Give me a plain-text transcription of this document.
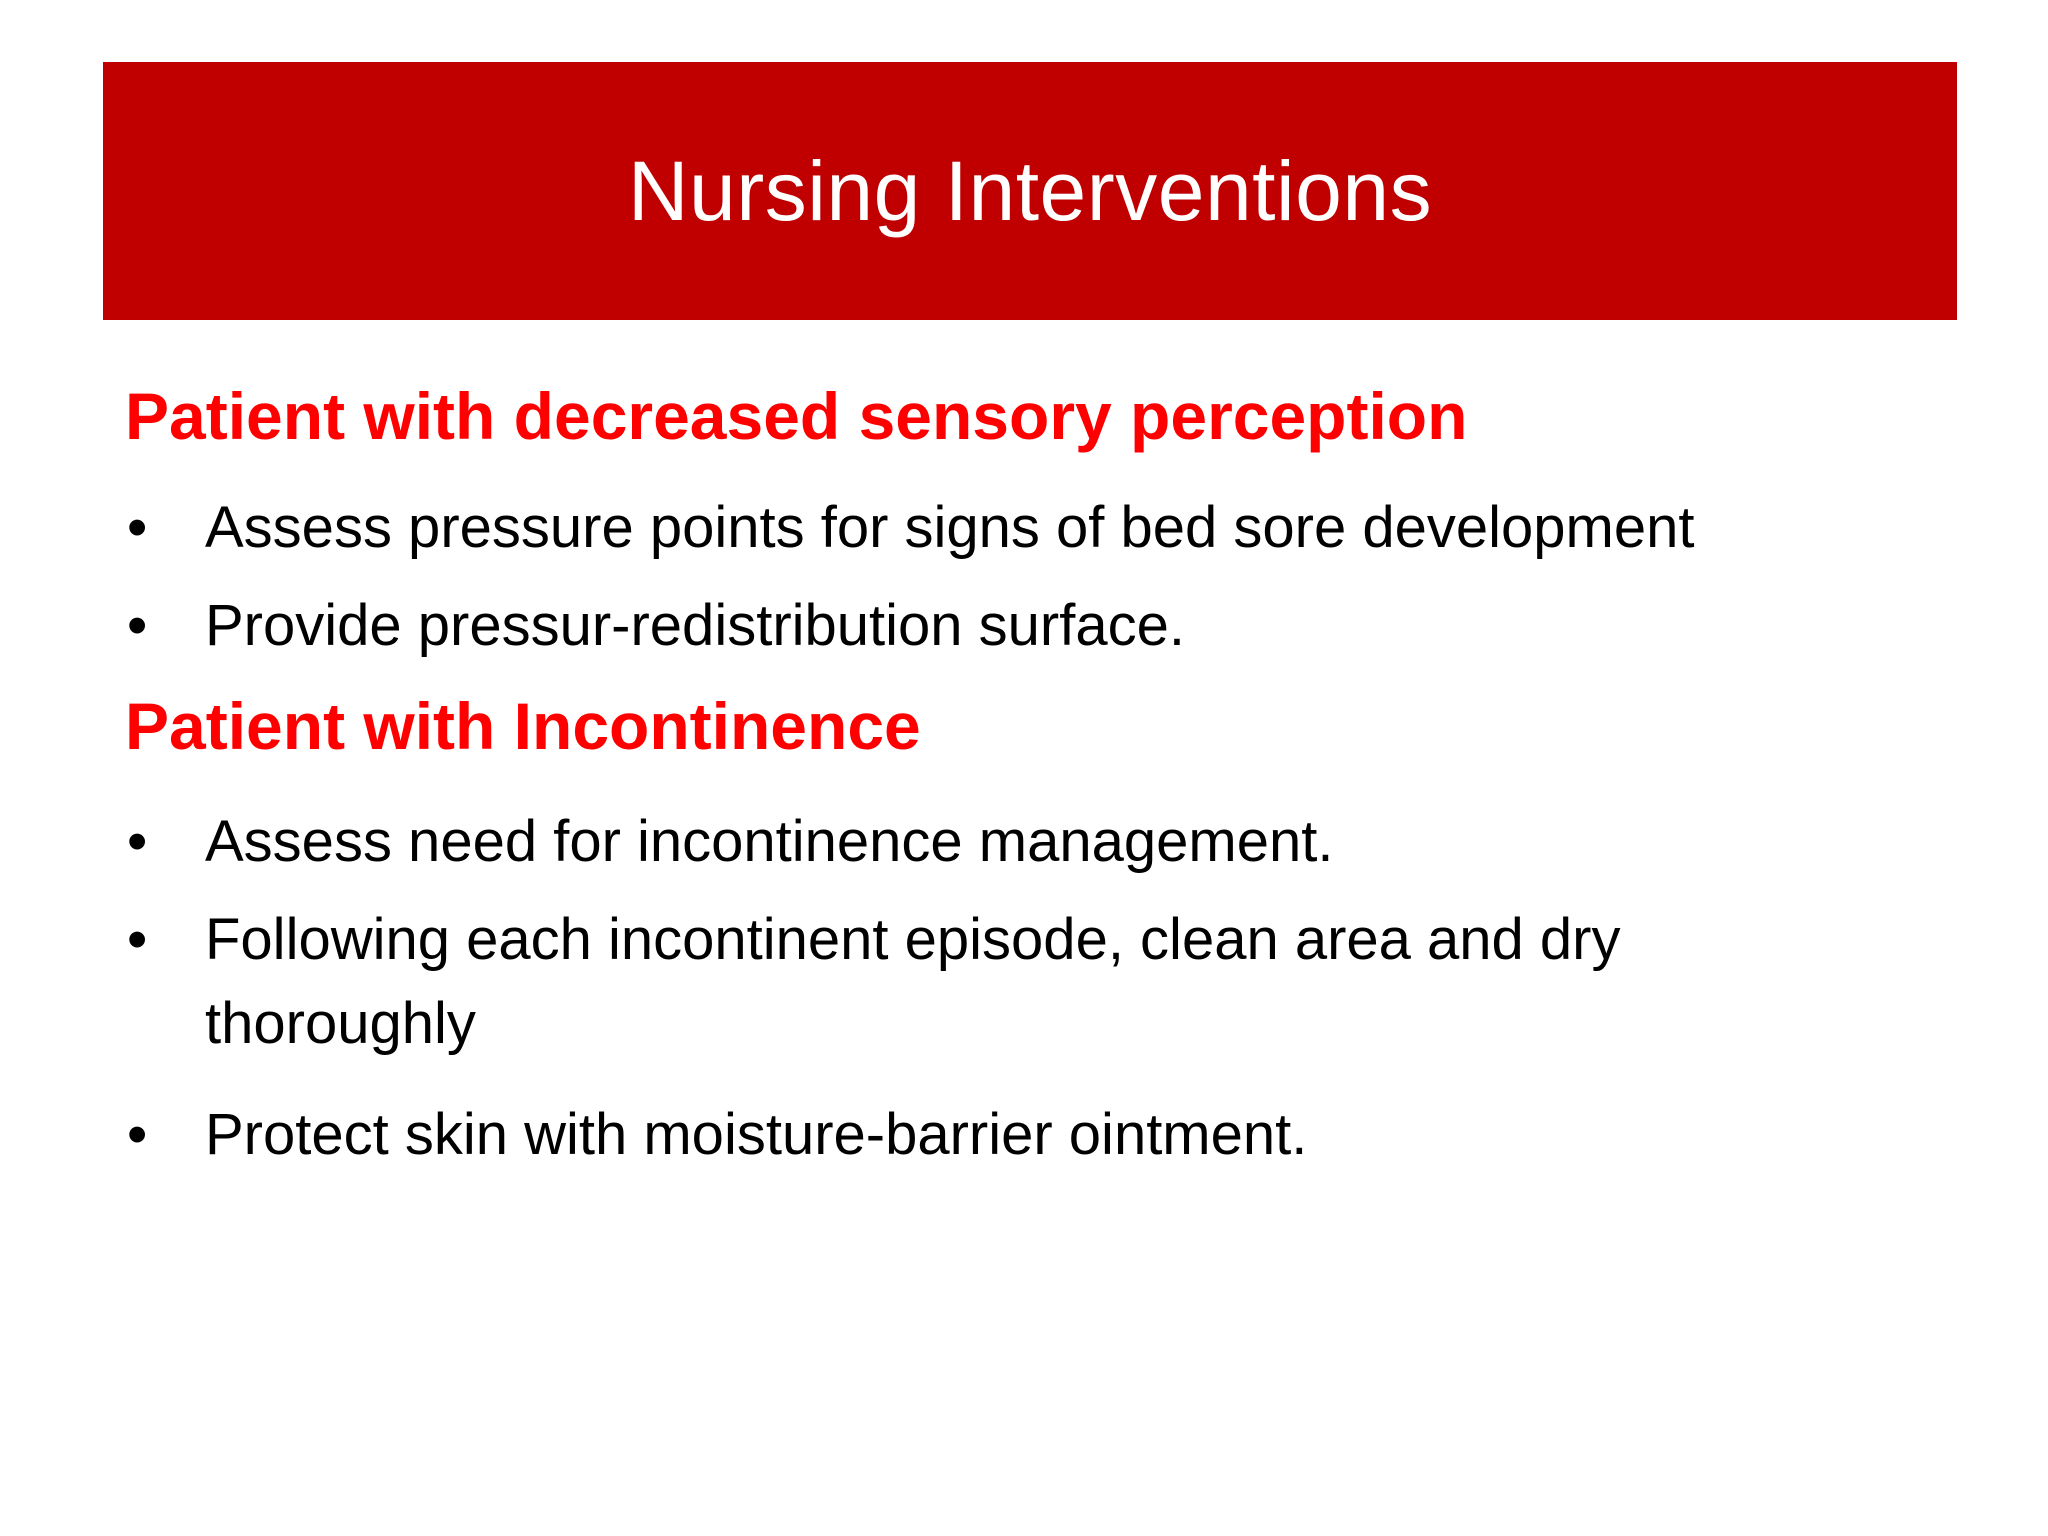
Nursing Interventions
Patient with decreased sensory perception
• Assess pressure points for signs of bed sore development
• Provide pressur-redistribution surface.
Patient with Incontinence
• Assess need for incontinence management.
• Following each incontinent episode, clean area and dry thoroughly
• Protect skin with moisture-barrier ointment.
